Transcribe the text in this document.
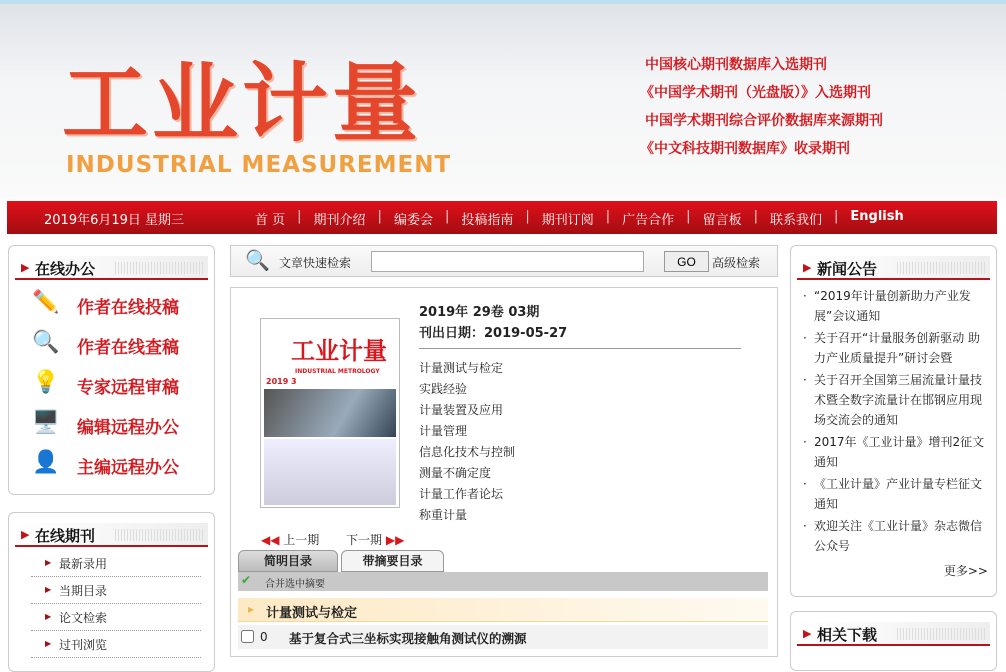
工业计量
INDUSTRIAL MEASUREMENT
中国核心期刊数据库入选期刊
《中国学术期刊（光盘版）》入选期刊
中国学术期刊综合评价数据库来源期刊
《中文科技期刊数据库》收录期刊
2019年6月19日 星期三	首 页 | 期刊介绍 | 编委会 | 投稿指南 | 期刊订阅 | 广告合作 | 留言板 | 联系我们 | English
▶ 在线办公
✏️ 作者在线投稿
🔍 作者在线查稿
💡 专家远程审稿
🖥️ 编辑远程办公
👤 主编远程办公
▶ 在线期刊
▶ 最新录用
▶ 当期目录
▶ 论文检索
▶ 过刊浏览
🔍 文章快速检索	GO	高级检索
工业计量
INDUSTRIAL METROLOGY
2019 3
2019年 29卷 03期
刊出日期：2019-05-27
计量测试与检定
实践经验
计量装置及应用
计量管理
信息化技术与控制
测量不确定度
计量工作者论坛
称重计量
◀◀ 上一期 下一期 ▶▶
简明目录	带摘要目录
✔ 合并选中摘要
▸ 计量测试与检定
0 基于复合式三坐标实现接触角测试仪的溯源
▶ 新闻公告
· “2019年计量创新助力产业发展”会议通知
· 关于召开“计量服务创新驱动 助力产业质量提升”研讨会暨
· 关于召开全国第三届流量计量技术暨全数字流量计在邯钢应用现场交流会的通知
· 2017年《工业计量》增刊2征文通知
· 《工业计量》产业计量专栏征文通知
· 欢迎关注《工业计量》杂志微信公众号
更多>>
▶ 相关下载
